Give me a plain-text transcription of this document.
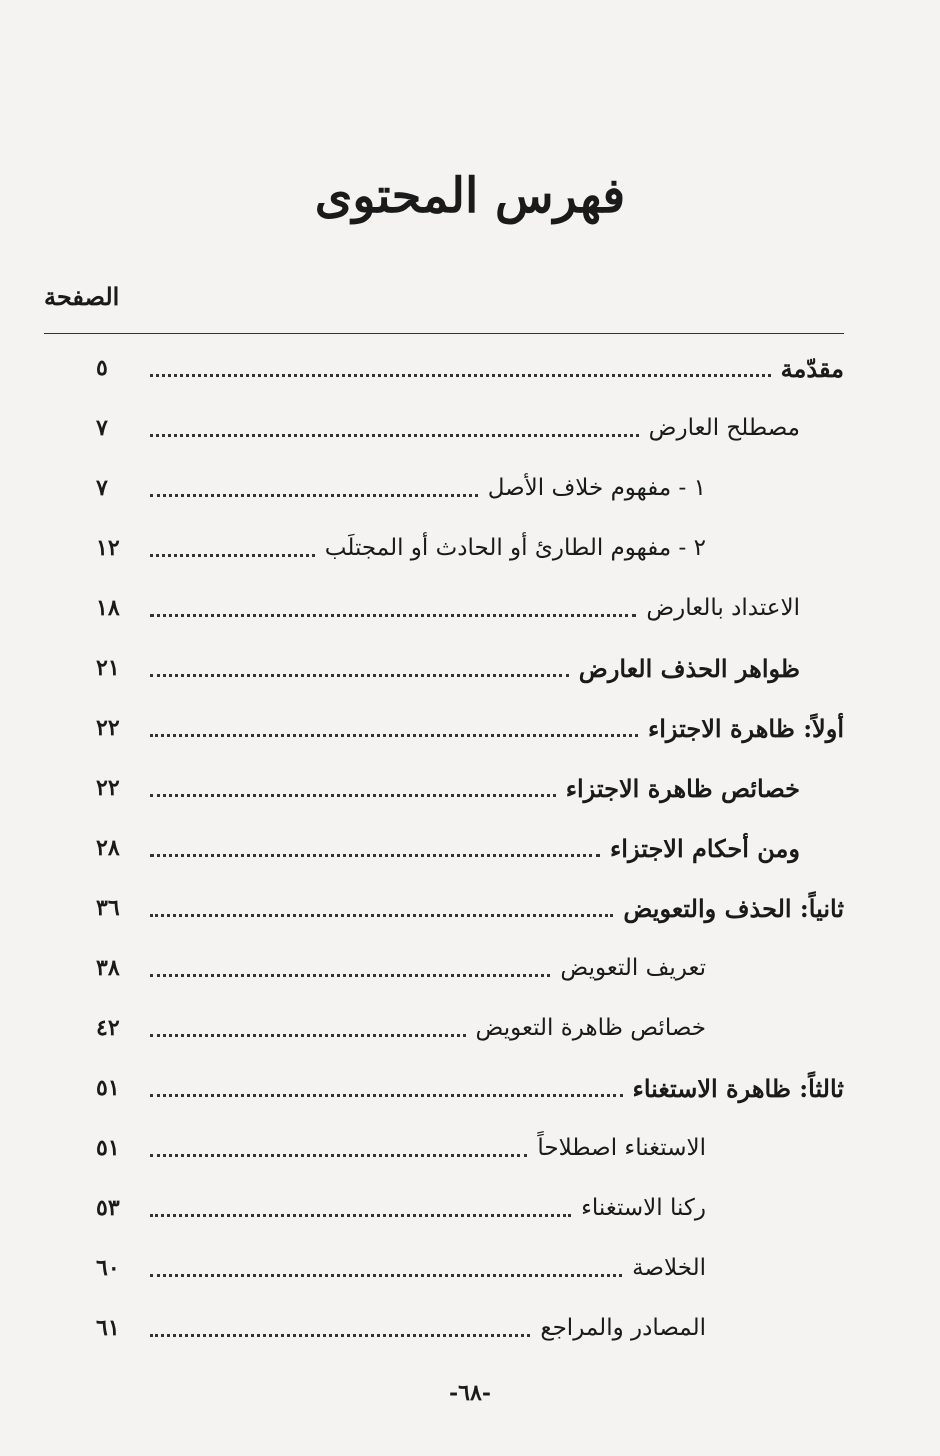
فهرس المحتوى
الصفحة
مقدّمة
٥
مصطلح العارض
٧
١ - مفهوم خلاف الأصل
٧
٢ - مفهوم الطارئ أو الحادث أو المجتلَب
١٢
الاعتداد بالعارض
١٨
ظواهر الحذف العارض
٢١
أولاً: ظاهرة الاجتزاء
٢٢
خصائص ظاهرة الاجتزاء
٢٢
ومن أحكام الاجتزاء
٢٨
ثانياً: الحذف والتعويض
٣٦
تعريف التعويض
٣٨
خصائص ظاهرة التعويض
٤٢
ثالثاً: ظاهرة الاستغناء
٥١
الاستغناء اصطلاحاً
٥١
ركنا الاستغناء
٥٣
الخلاصة
٦٠
المصادر والمراجع
٦١
-٦٨-
